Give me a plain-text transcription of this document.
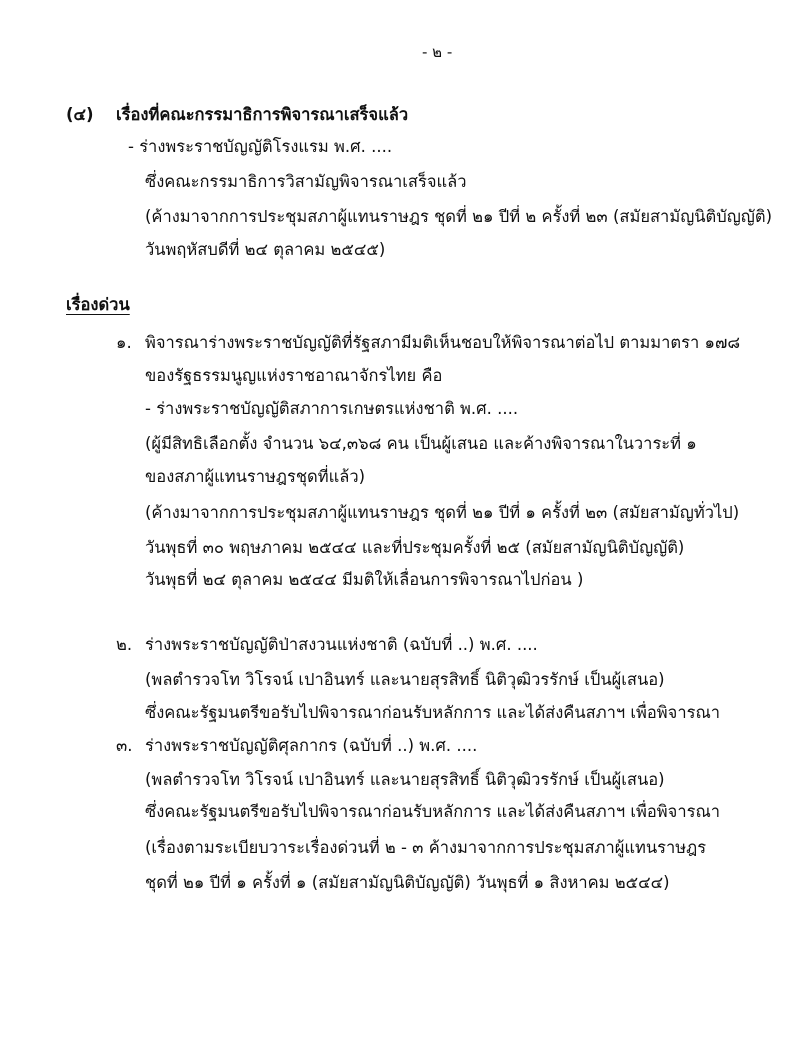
- ๒ -
(๔) เรื่องที่คณะกรรมาธิการพิจารณาเสร็จแล้ว
- ร่างพระราชบัญญัติโรงแรม พ.ศ. ....
ซึ่งคณะกรรมาธิการวิสามัญพิจารณาเสร็จแล้ว
(ค้างมาจากการประชุมสภาผู้แทนราษฎร ชุดที่ ๒๑ ปีที่ ๒ ครั้งที่ ๒๓ (สมัยสามัญนิติบัญญัติ)
วันพฤหัสบดีที่ ๒๔ ตุลาคม ๒๕๔๕)
เรื่องด่วน
๑. พิจารณาร่างพระราชบัญญัติที่รัฐสภามีมติเห็นชอบให้พิจารณาต่อไป ตามมาตรา ๑๗๘
ของรัฐธรรมนูญแห่งราชอาณาจักรไทย คือ
- ร่างพระราชบัญญัติสภาการเกษตรแห่งชาติ พ.ศ. ....
(ผู้มีสิทธิเลือกตั้ง จำนวน ๖๔,๓๖๘ คน เป็นผู้เสนอ และค้างพิจารณาในวาระที่ ๑
ของสภาผู้แทนราษฎรชุดที่แล้ว)
(ค้างมาจากการประชุมสภาผู้แทนราษฎร ชุดที่ ๒๑ ปีที่ ๑ ครั้งที่ ๒๓ (สมัยสามัญทั่วไป)
วันพุธที่ ๓๐ พฤษภาคม ๒๕๔๔ และที่ประชุมครั้งที่ ๒๕ (สมัยสามัญนิติบัญญัติ)
วันพุธที่ ๒๔ ตุลาคม ๒๕๔๔ มีมติให้เลื่อนการพิจารณาไปก่อน )
๒. ร่างพระราชบัญญัติป่าสงวนแห่งชาติ (ฉบับที่ ..) พ.ศ. ....
(พลตำรวจโท วิโรจน์ เปาอินทร์ และนายสุรสิทธิ์ นิติวุฒิวรรักษ์ เป็นผู้เสนอ)
ซึ่งคณะรัฐมนตรีขอรับไปพิจารณาก่อนรับหลักการ และได้ส่งคืนสภาฯ เพื่อพิจารณา
๓. ร่างพระราชบัญญัติศุลกากร (ฉบับที่ ..) พ.ศ. ....
(พลตำรวจโท วิโรจน์ เปาอินทร์ และนายสุรสิทธิ์ นิติวุฒิวรรักษ์ เป็นผู้เสนอ)
ซึ่งคณะรัฐมนตรีขอรับไปพิจารณาก่อนรับหลักการ และได้ส่งคืนสภาฯ เพื่อพิจารณา
(เรื่องตามระเบียบวาระเรื่องด่วนที่ ๒ - ๓ ค้างมาจากการประชุมสภาผู้แทนราษฎร
ชุดที่ ๒๑ ปีที่ ๑ ครั้งที่ ๑ (สมัยสามัญนิติบัญญัติ) วันพุธที่ ๑ สิงหาคม ๒๕๔๔)
